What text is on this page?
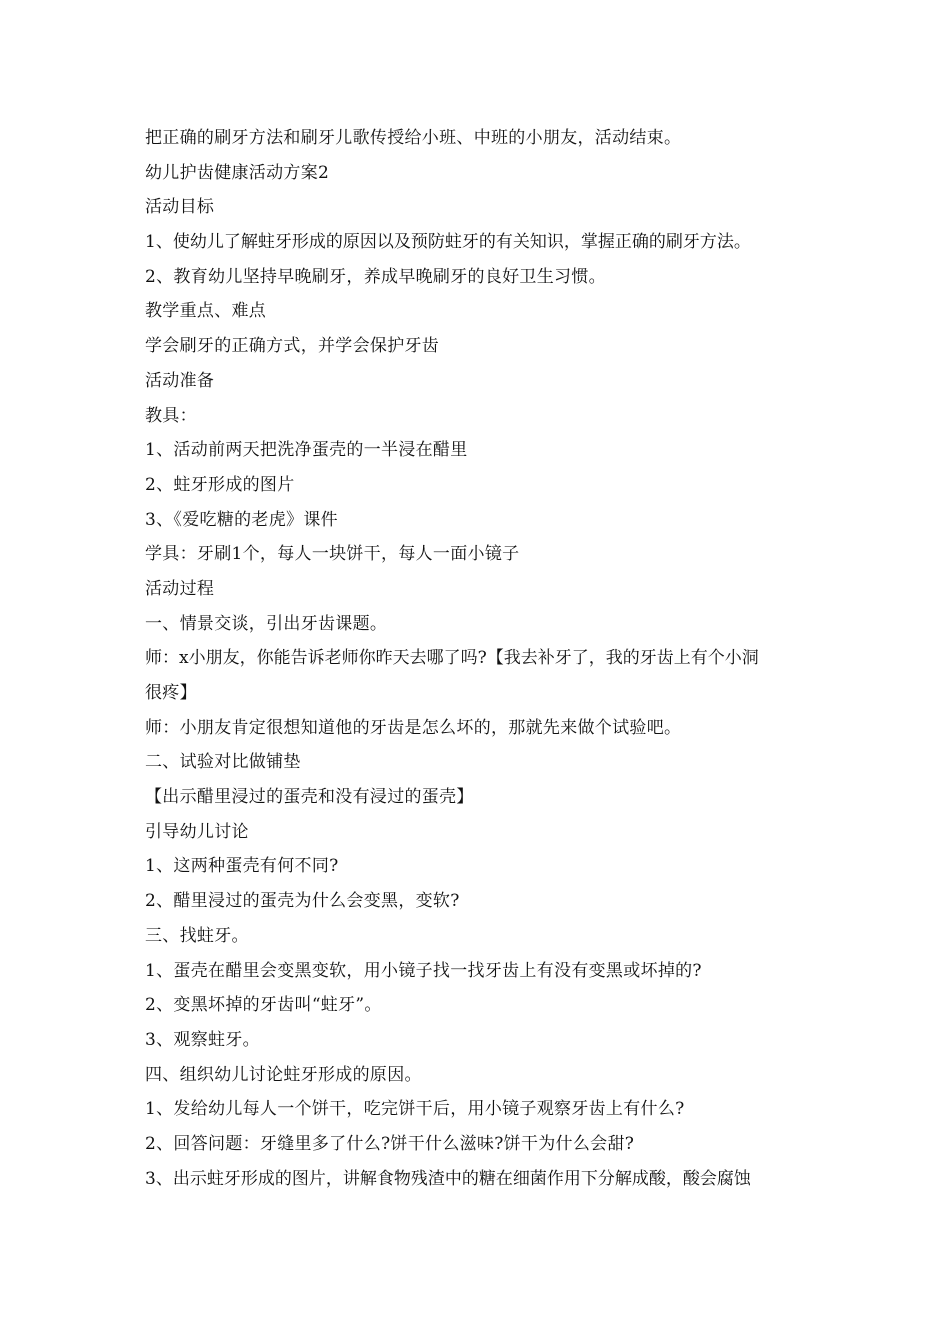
把正确的刷牙方法和刷牙儿歌传授给小班、中班的小朋友，活动结束。
幼儿护齿健康活动方案2
活动目标
1、使幼儿了解蛀牙形成的原因以及预防蛀牙的有关知识，掌握正确的刷牙方法。
2、教育幼儿坚持早晚刷牙，养成早晚刷牙的良好卫生习惯。
教学重点、难点
学会刷牙的正确方式，并学会保护牙齿
活动准备
教具：
1、活动前两天把洗净蛋壳的一半浸在醋里
2、蛀牙形成的图片
3、《爱吃糖的老虎》课件
学具：牙刷1个，每人一块饼干，每人一面小镜子
活动过程
一、情景交谈，引出牙齿课题。
师：x小朋友，你能告诉老师你昨天去哪了吗?【我去补牙了，我的牙齿上有个小洞
很疼】
师：小朋友肯定很想知道他的牙齿是怎么坏的，那就先来做个试验吧。
二、试验对比做铺垫
【出示醋里浸过的蛋壳和没有浸过的蛋壳】
引导幼儿讨论
1、这两种蛋壳有何不同?
2、醋里浸过的蛋壳为什么会变黑，变软?
三、找蛀牙。
1、蛋壳在醋里会变黑变软，用小镜子找一找牙齿上有没有变黑或坏掉的?
2、变黑坏掉的牙齿叫“蛀牙”。
3、观察蛀牙。
四、组织幼儿讨论蛀牙形成的原因。
1、发给幼儿每人一个饼干，吃完饼干后，用小镜子观察牙齿上有什么?
2、回答问题：牙缝里多了什么?饼干什么滋味?饼干为什么会甜?
3、出示蛀牙形成的图片，讲解食物残渣中的糖在细菌作用下分解成酸，酸会腐蚀
